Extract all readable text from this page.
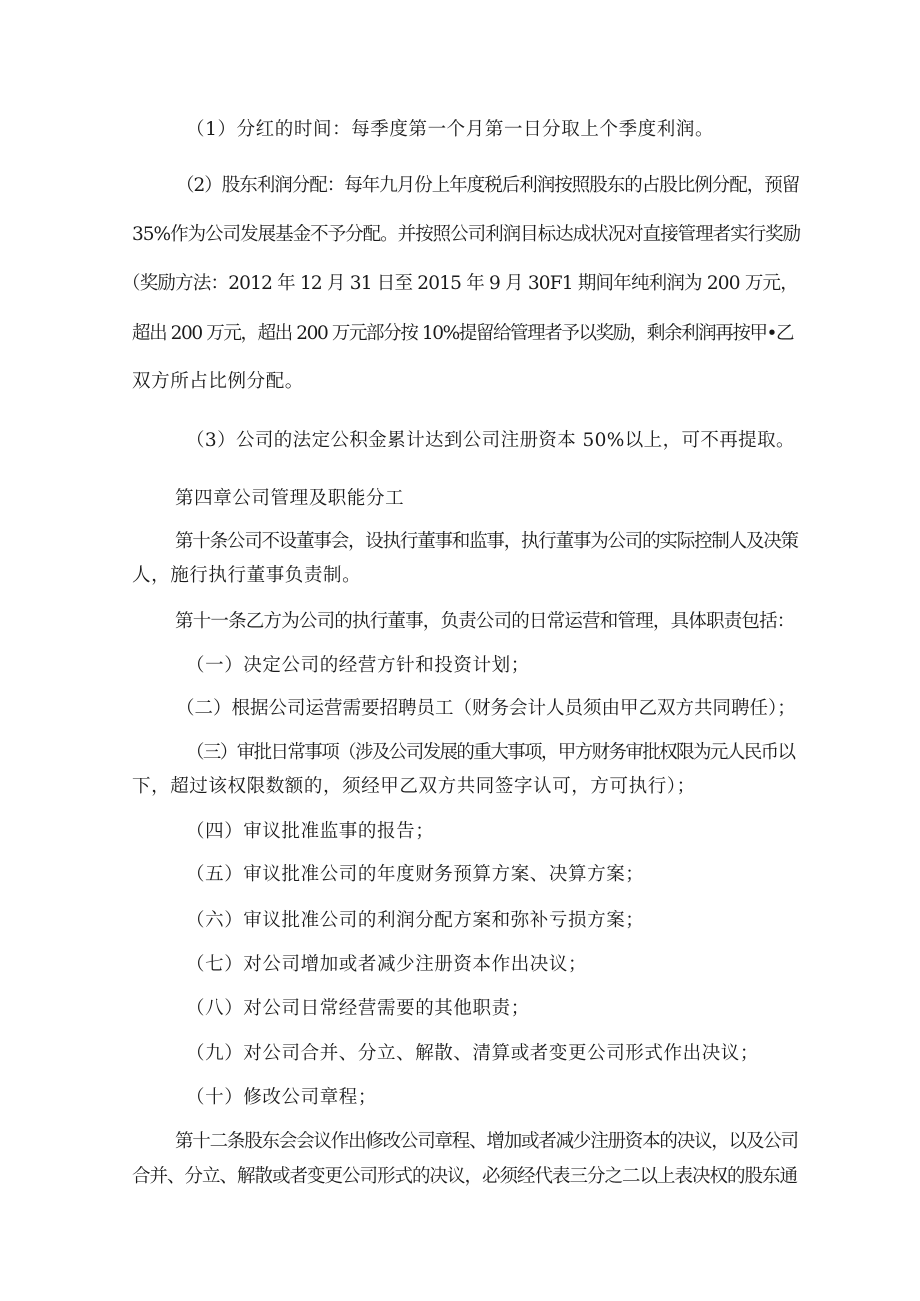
（1）分红的时间：每季度第一个月第一日分取上个季度利润。
（2）股东利润分配：每年九月份上年度税后利润按照股东的占股比例分配，预留
35%作为公司发展基金不予分配。并按照公司利润目标达成状况对直接管理者实行奖励
（奖励方法：2012 年 12 月 31 日至 2015 年 9 月 30F1 期间年纯利润为 200 万元，
超出 200 万元，超出 200 万元部分按 10%提留给管理者予以奖励，剩余利润再按甲•乙
双方所占比例分配。
（3）公司的法定公积金累计达到公司注册资本 50%以上，可不再提取。
第四章公司管理及职能分工
第十条公司不设董事会，设执行董事和监事，执行董事为公司的实际控制人及决策
人，施行执行董事负责制。
第十一条乙方为公司的执行董事，负责公司的日常运营和管理，具体职责包括：
（一）决定公司的经营方针和投资计划；
（二）根据公司运营需要招聘员工（财务会计人员须由甲乙双方共同聘任）；
（三）审批日常事项（涉及公司发展的重大事项，甲方财务审批权限为元人民币以
下，超过该权限数额的，须经甲乙双方共同签字认可，方可执行）；
（四）审议批准监事的报告；
（五）审议批准公司的年度财务预算方案、决算方案；
（六）审议批准公司的利润分配方案和弥补亏损方案；
（七）对公司增加或者减少注册资本作出决议；
（八）对公司日常经营需要的其他职责；
（九）对公司合并、分立、解散、清算或者变更公司形式作出决议；
（十）修改公司章程；
第十二条股东会会议作出修改公司章程、增加或者减少注册资本的决议，以及公司
合并、分立、解散或者变更公司形式的决议，必须经代表三分之二以上表决权的股东通
